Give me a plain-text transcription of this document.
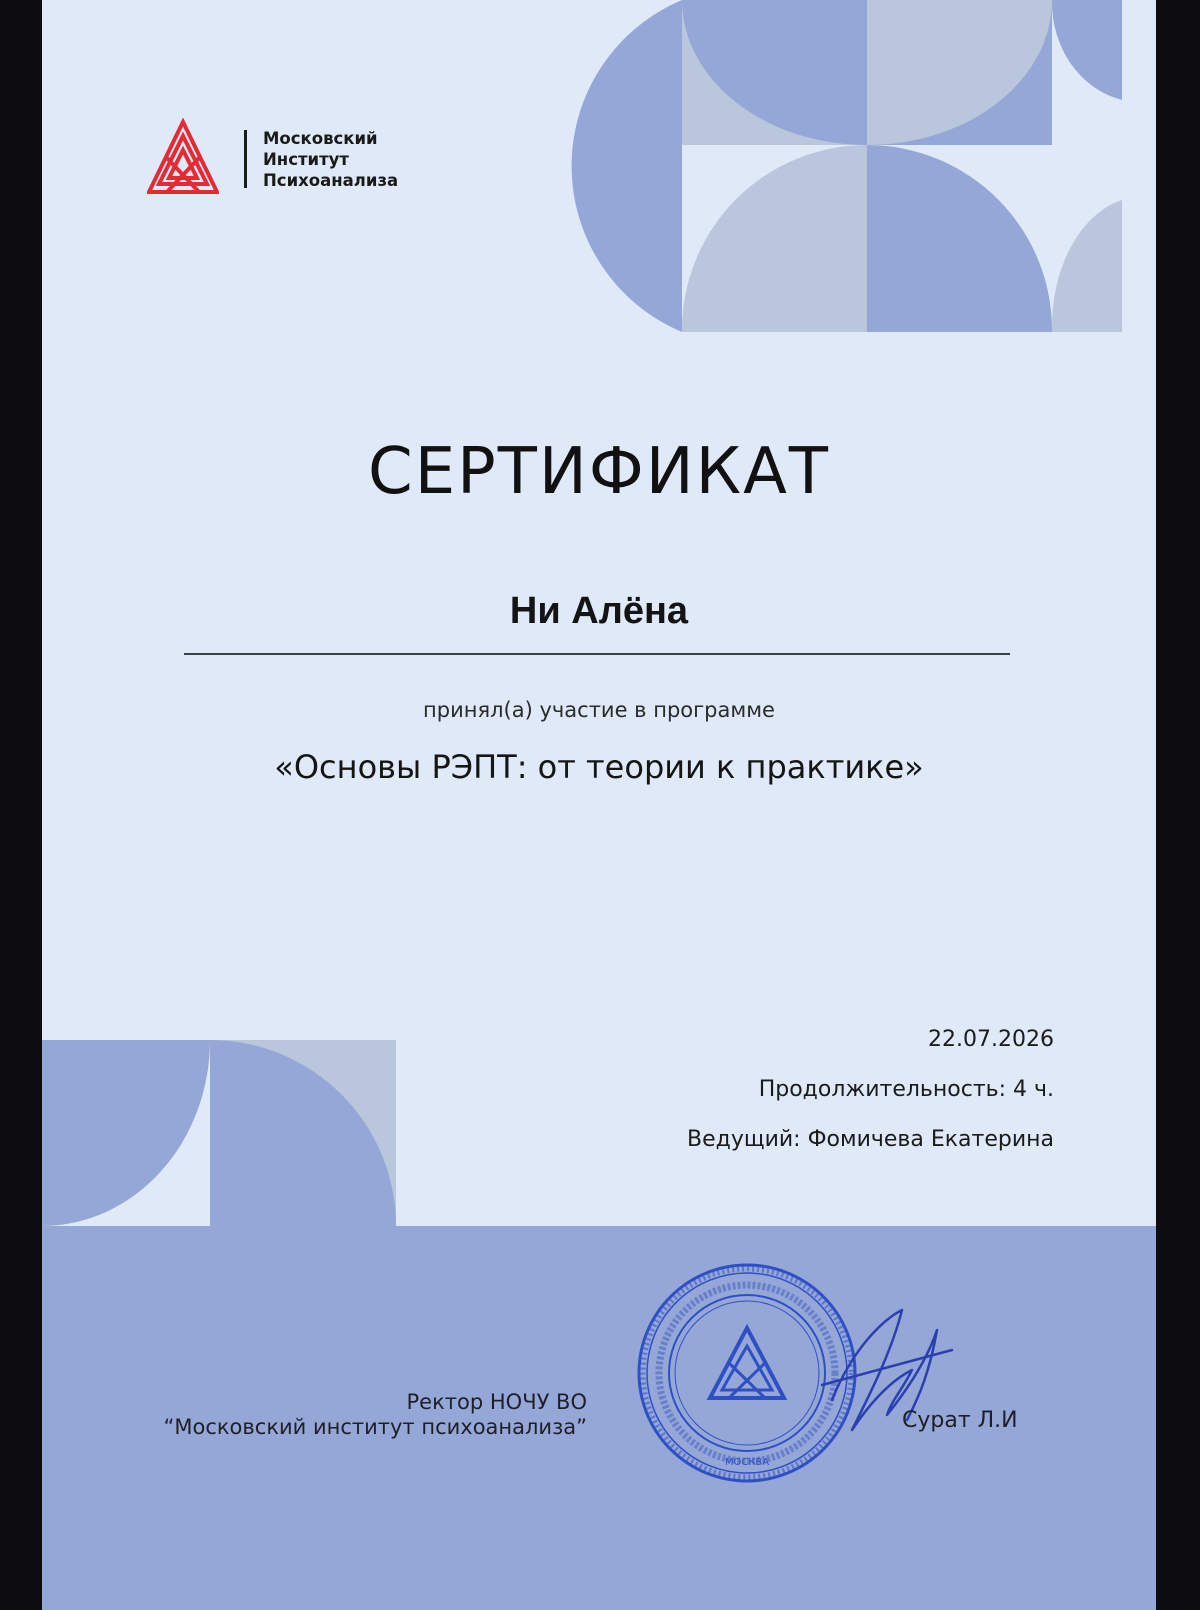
Московский
Институт
Психоанализа
СЕРТИФИКАТ
Ни Алёна
принял(а) участие в программе
«Основы РЭПТ: от теории к практике»
22.07.2026
Продолжительность: 4 ч.
Ведущий: Фомичева Екатерина
Ректор НОЧУ ВО
“Московский институт психоанализа”
МОСКВА
Сурат Л.И
